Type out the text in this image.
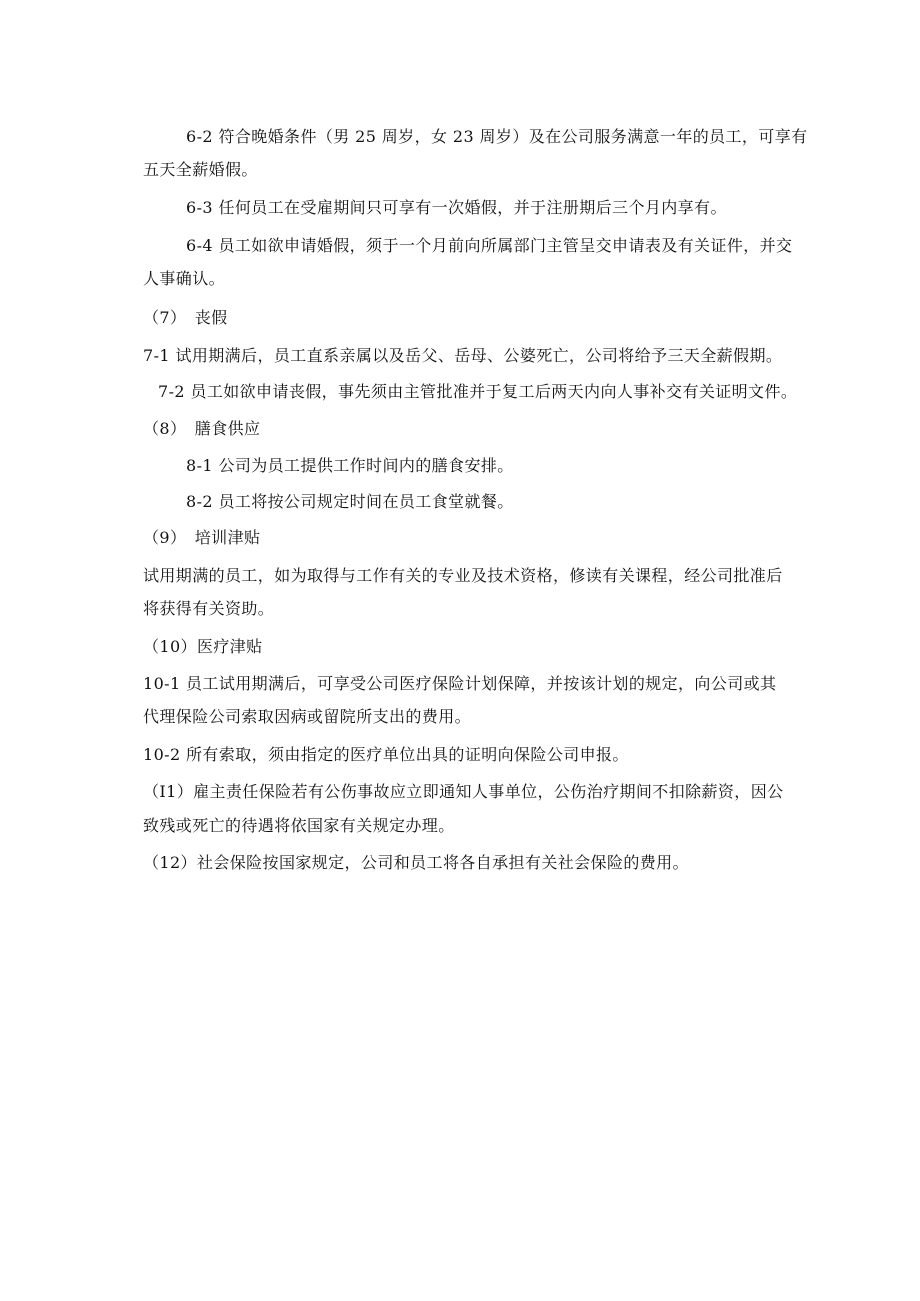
6-2 符合晚婚条件（男 25 周岁，女 23 周岁）及在公司服务满意一年的员工，可享有

五天全薪婚假。

6-3 任何员工在受雇期间只可享有一次婚假，并于注册期后三个月内享有。

6-4 员工如欲申请婚假，须于一个月前向所属部门主管呈交申请表及有关证件，并交

人事确认。

（7）　丧假

7-1 试用期满后，员工直系亲属以及岳父、岳母、公婆死亡，公司将给予三天全薪假期。

7-2 员工如欲申请丧假，事先须由主管批准并于复工后两天内向人事补交有关证明文件。

（8）　膳食供应

8-1 公司为员工提供工作时间内的膳食安排。

8-2 员工将按公司规定时间在员工食堂就餐。

（9）　培训津贴

试用期满的员工，如为取得与工作有关的专业及技术资格，修读有关课程，经公司批准后

将获得有关资助。

（10）医疗津贴

10-1 员工试用期满后，可享受公司医疗保险计划保障，并按该计划的规定，向公司或其

代理保险公司索取因病或留院所支出的费用。

10-2 所有索取，须由指定的医疗单位出具的证明向保险公司申报。

（I1）雇主责任保险若有公伤事故应立即通知人事单位，公伤治疗期间不扣除薪资，因公

致残或死亡的待遇将依国家有关规定办理。

（12）社会保险按国家规定，公司和员工将各自承担有关社会保险的费用。
